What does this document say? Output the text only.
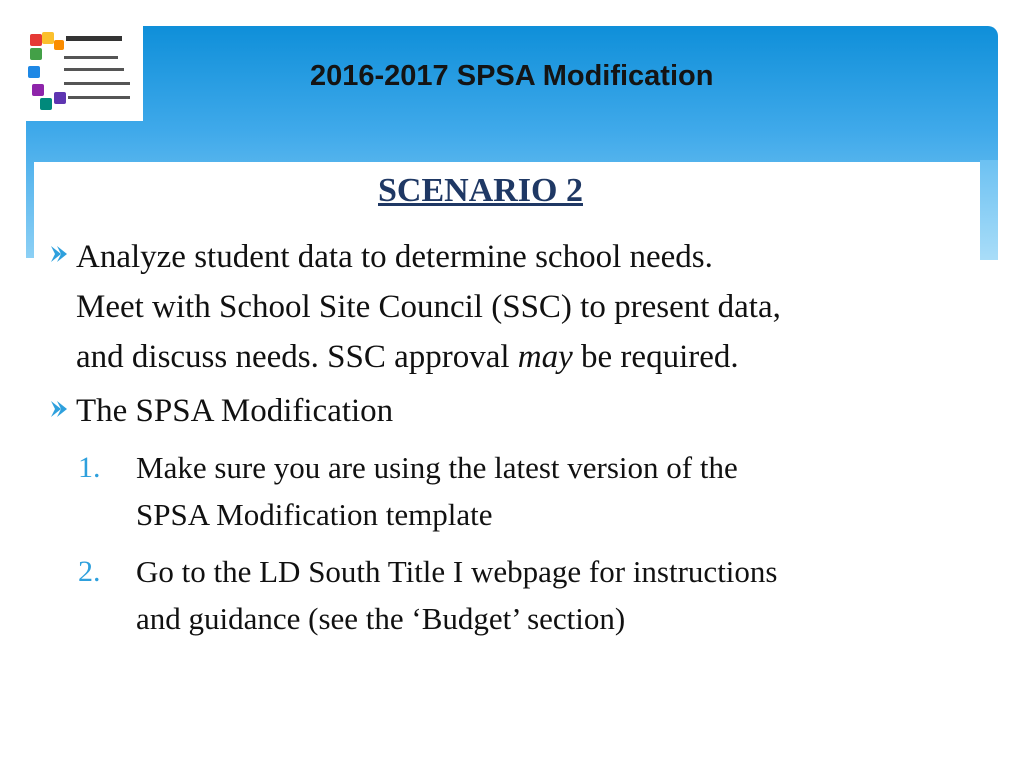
2016-2017 SPSA Modification
SCENARIO 2
Analyze student data to determine school needs.
Meet with School Site Council (SSC) to present data,
and discuss needs. SSC approval may be required.
The SPSA Modification
1. Make sure you are using the latest version of the
SPSA Modification template
2. Go to the LD South Title I webpage for instructions
and guidance (see the ‘Budget’ section)
